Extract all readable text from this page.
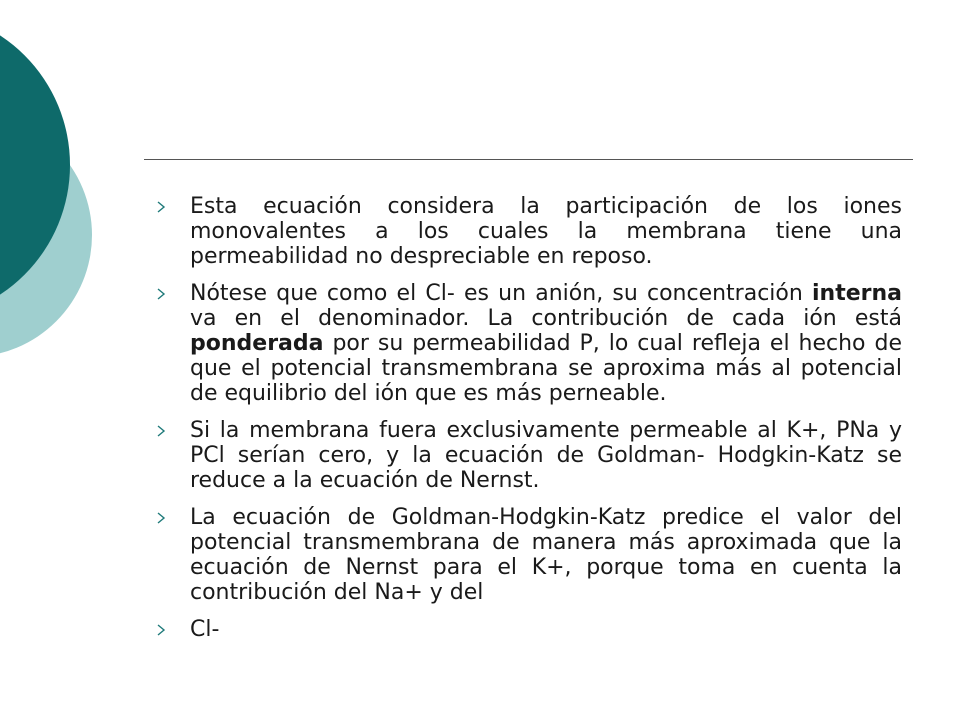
Esta ecuación considera la participación de los iones monovalentes a los cuales la membrana tiene una permeabilidad no despreciable en reposo.
Nótese que como el Cl- es un anión, su concentración interna va en el denominador. La contribución de cada ión está ponderada por su permeabilidad P, lo cual refleja el hecho de que el potencial transmembrana se aproxima más al potencial de equilibrio del ión que es más perneable.
Si la membrana fuera exclusivamente permeable al K+, PNa y PCl serían cero, y la ecuación de Goldman- Hodgkin-Katz se reduce a la ecuación de Nernst.
La ecuación de Goldman-Hodgkin-Katz predice el valor del potencial transmembrana de manera más aproximada que la ecuación de Nernst para el K+, porque toma en cuenta la contribución del Na+ y del
Cl-
